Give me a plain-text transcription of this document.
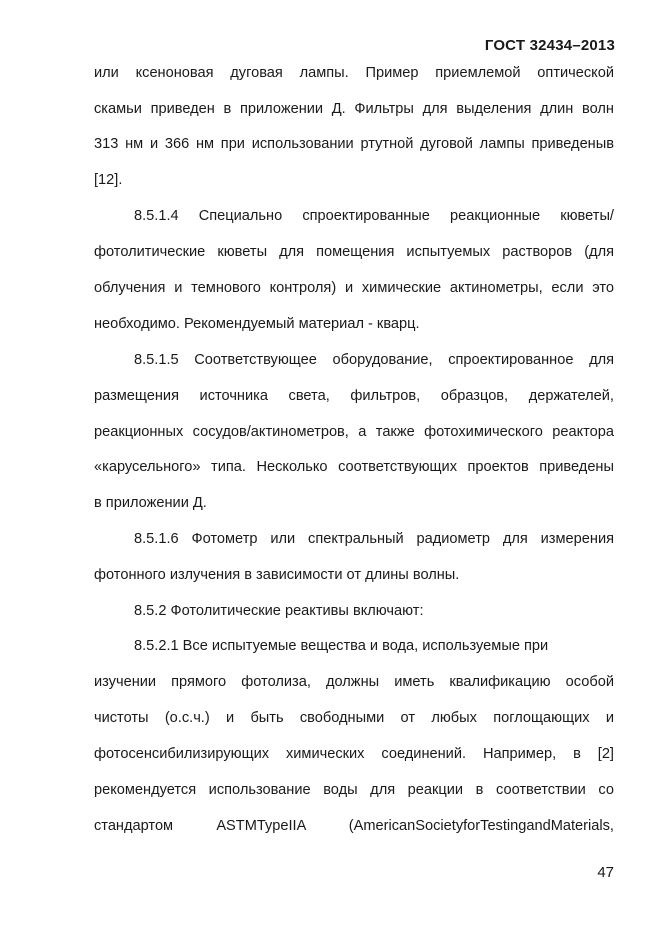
ГОСТ 32434–2013
или ксеноновая дуговая лампы. Пример приемлемой оптической
скамьи приведен в приложении Д. Фильтры для выделения длин волн
313 нм и 366 нм при использовании ртутной дуговой лампы приведеныв
[12].
8.5.1.4 Специально спроектированные реакционные кюветы/
фотолитические кюветы для помещения испытуемых растворов (для
облучения и темнового контроля) и химические актинометры, если это
необходимо. Рекомендуемый материал - кварц.
8.5.1.5 Соответствующее оборудование, спроектированное для
размещения источника света, фильтров, образцов, держателей,
реакционных сосудов/актинометров, а также фотохимического реактора
«карусельного» типа. Несколько соответствующих проектов приведены
в приложении Д.
8.5.1.6 Фотометр или спектральный радиометр для измерения
фотонного излучения в зависимости от длины волны.
8.5.2 Фотолитические реактивы включают:
8.5.2.1 Все испытуемые вещества и вода, используемые при
изучении прямого фотолиза, должны иметь квалификацию особой
чистоты (о.с.ч.) и быть свободными от любых поглощающих и
фотосенсибилизирующих химических соединений. Например, в [2]
рекомендуется использование воды для реакции в соответствии со
стандартом ASTMTypeIIA (AmericanSocietyforTestingandMaterials,
47
